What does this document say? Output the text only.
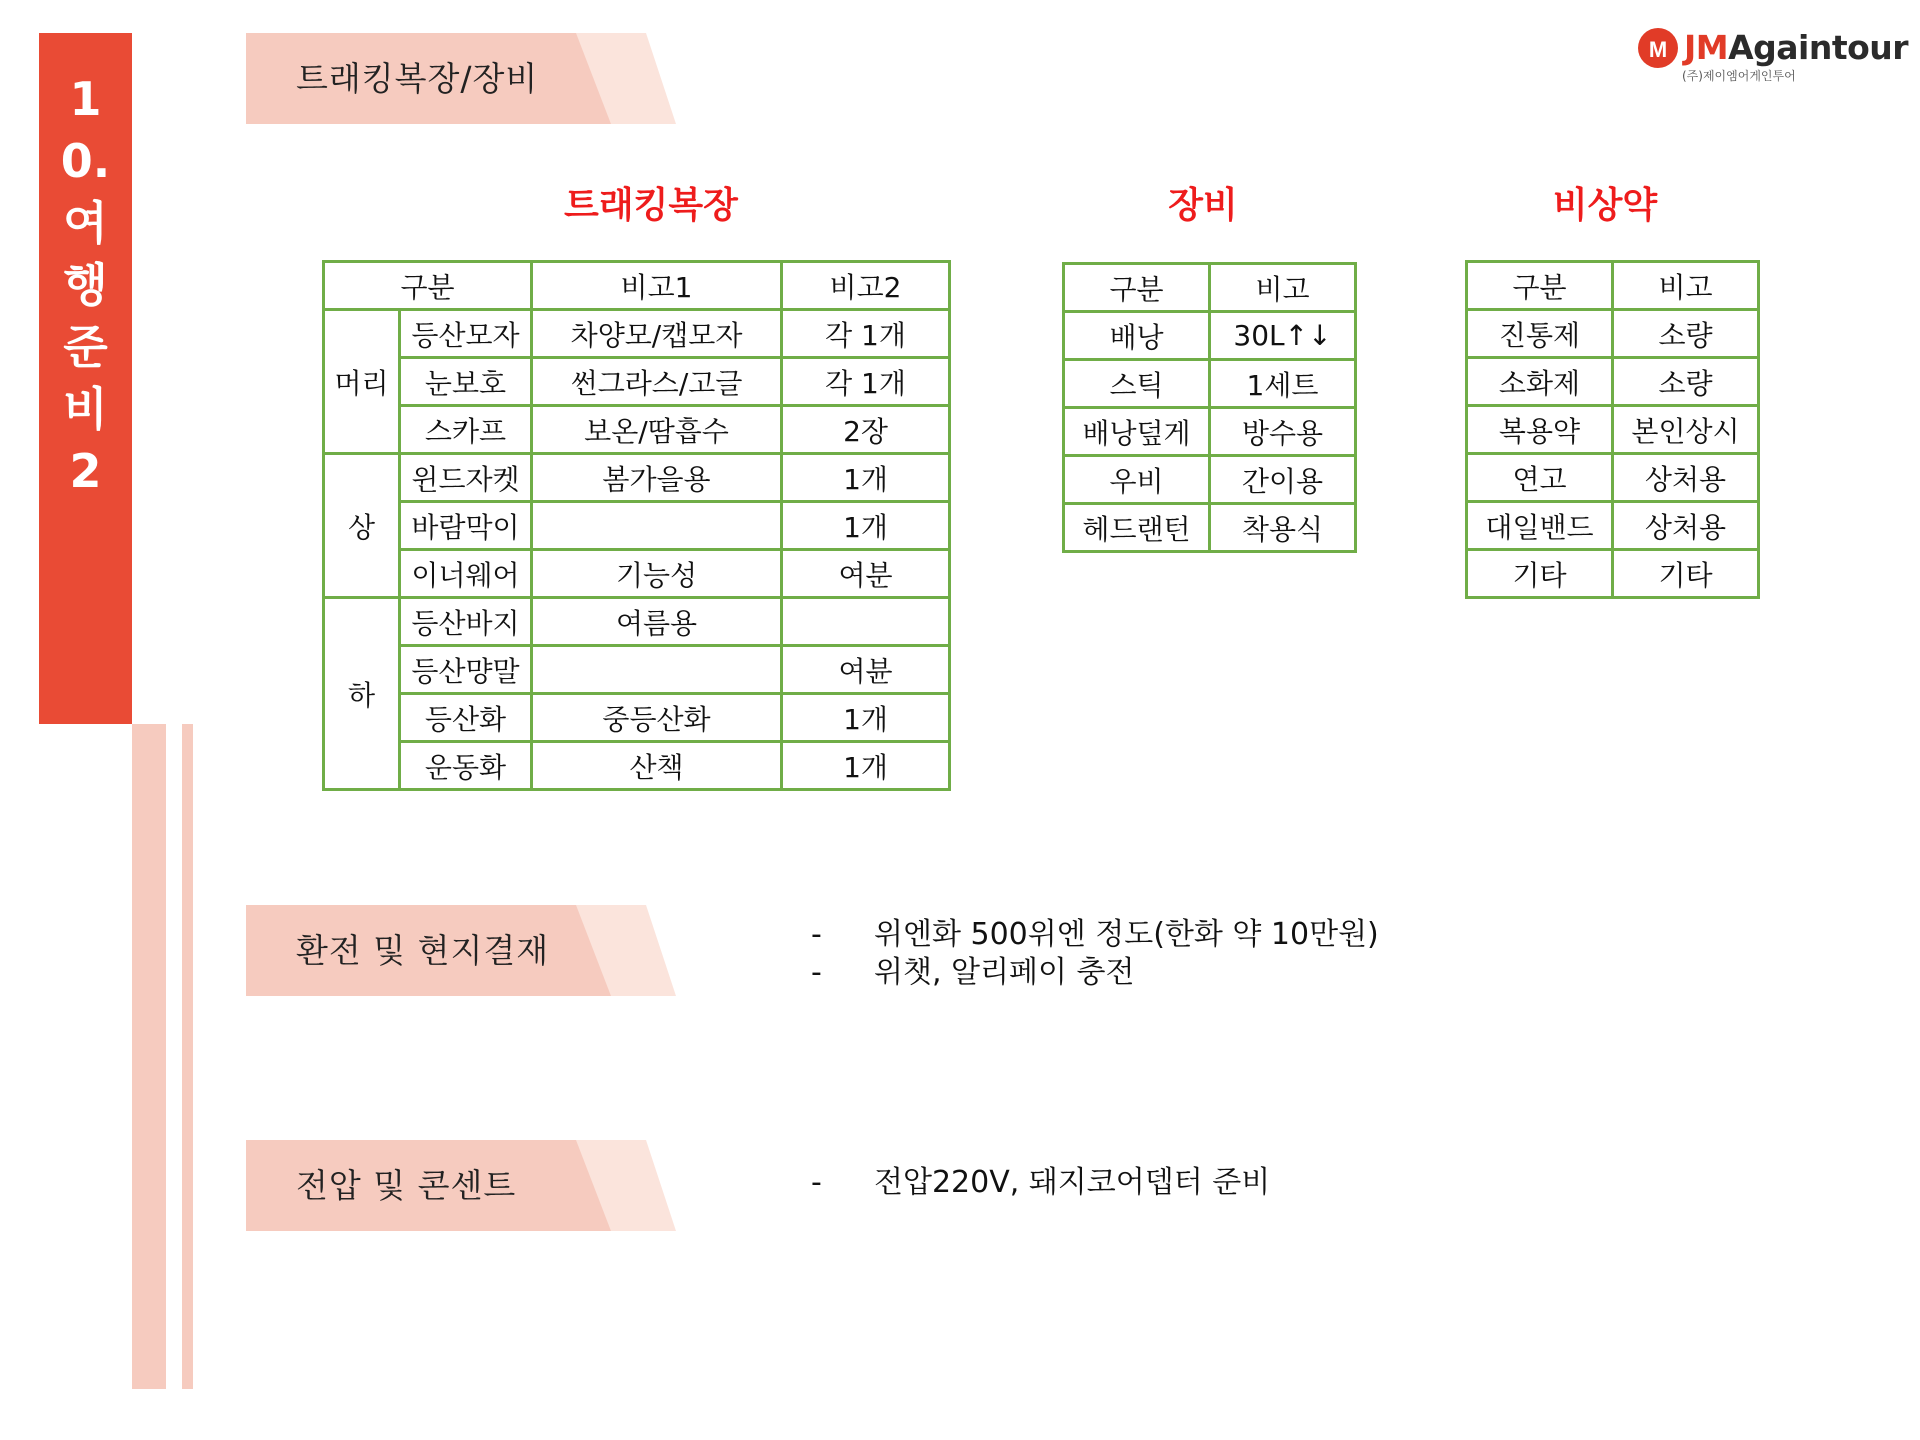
1
0.
여
행
준
비
2
M JMAgaintour
(주)제이엠어게인투어
트래킹복장/장비
환전 및 현지결재
전압 및 콘센트
트래킹복장	장비	비상약
구분		비고1	비고2
머리	등산모자	차양모/캡모자	각 1개
	눈보호	썬그라스/고글	각 1개
	스카프	보온/땀흡수	2장
상	윈드자켓	봄가을용	1개
	바람막이		1개
	이너웨어	기능성	여분
하	등산바지	여름용	
	등산먕말		여뷴
	등산화	중등산화	1개
	운동화	산책	1개
구분	비고
배낭	30L↑↓
스틱	1세트
배낭덮게	방수용
우비	간이용
헤드랜턴	착용식
구분	비고
진통제	소량
소화제	소량
복용약	본인상시
연고	상처용
대일밴드	상처용
기타	기타
- 위엔화 500위엔 정도(한화 약 10만원)
- 위챗, 알리페이 충전
- 전압220V, 돼지코어뎁터 준비
